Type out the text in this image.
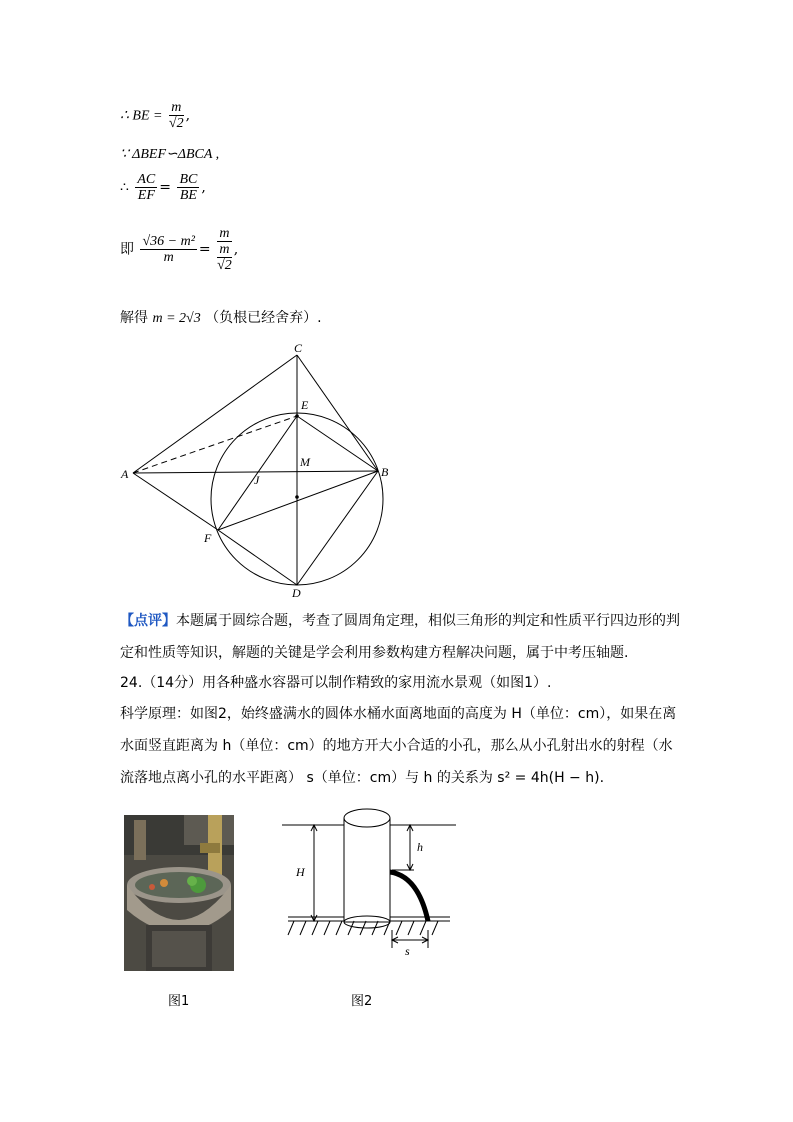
∴ BE = $\frac{m}{√2}$ ,
∵ ΔBEF∽ΔBCA ,
∴ $\frac{AC}{EF} = \frac{BC}{BE}$ ,
即 $\frac{\text{√36 − m²}}{m} = m$
m
√2 ,
解得 m = 2√3 （负根已经舍弃）.
C
E
M
A	J
B
F
D
【点评】本题属于圆综合题，考查了圆周角定理，相似三角形的判定和性质平行四边形的判定和性质等知识，解题的关键是学会利用参数构建方程解决问题，属于中考压轴题.
24.（14分）用各种盛水容器可以制作精致的家用流水景观（如图1）.
科学原理：如图2，始终盛满水的圆体水桶水面离地面的高度为 H（单位：cm），如果在离水面竖直距离为 h（单位：cm）的地方开大小合适的小孔，那么从小孔射出水的射程（水流落地点离小孔的水平距离） s（单位：cm）与 h 的关系为 s² = 4h(H − h).
H
h
s
图1	图2
